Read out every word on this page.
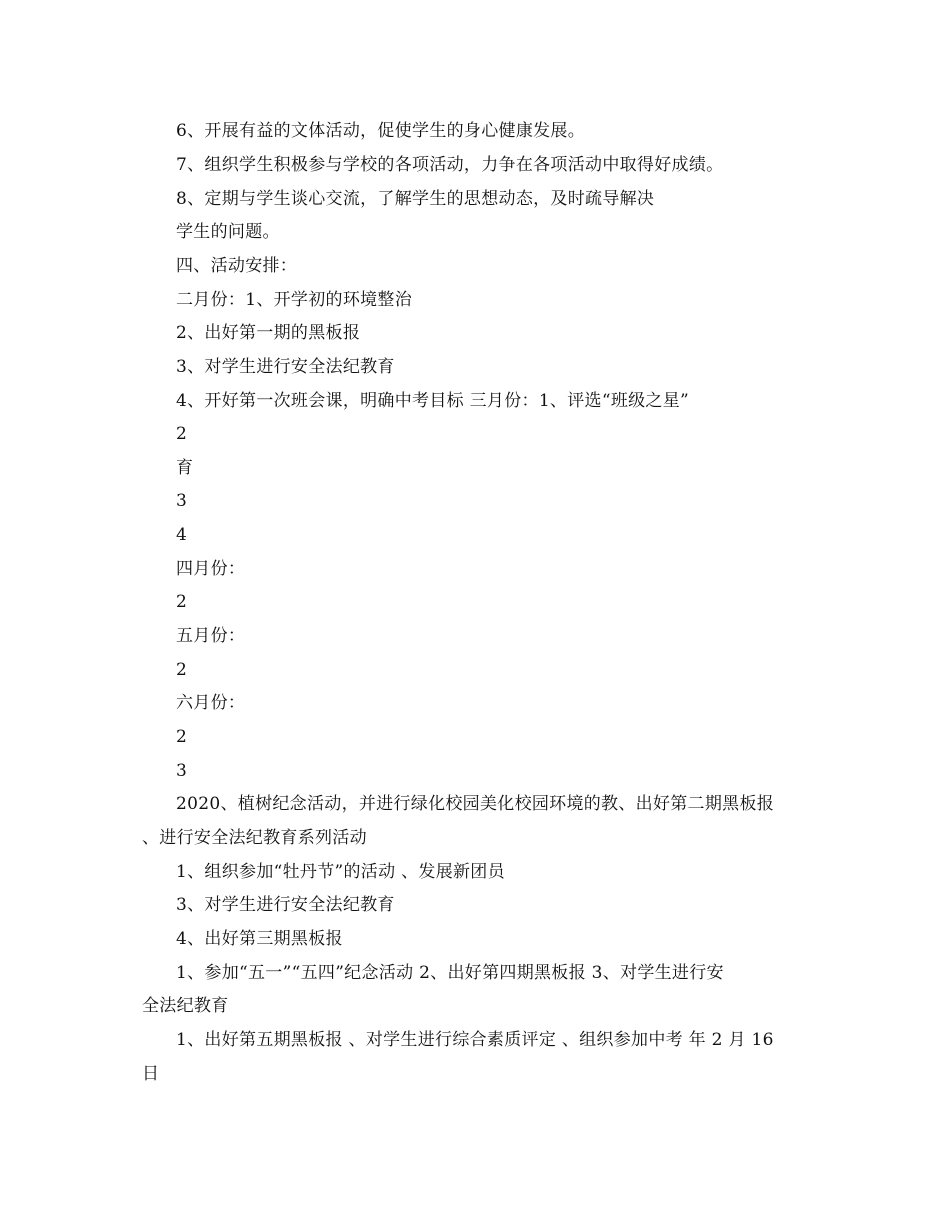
6、开展有益的文体活动，促使学生的身心健康发展。
7、组织学生积极参与学校的各项活动，力争在各项活动中取得好成绩。
8、定期与学生谈心交流，了解学生的思想动态，及时疏导解决
学生的问题。
四、活动安排：
二月份：1、开学初的环境整治
2、出好第一期的黑板报
3、对学生进行安全法纪教育
4、开好第一次班会课，明确中考目标 三月份：1、评选“班级之星”
2
育
3
4
四月份：
2
五月份：
2
六月份：
2
3
2020、植树纪念活动，并进行绿化校园美化校园环境的教、出好第二期黑板报
、进行安全法纪教育系列活动
1、组织参加“牡丹节”的活动 、发展新团员
3、对学生进行安全法纪教育
4、出好第三期黑板报
1、参加“五一”“五四”纪念活动 2、出好第四期黑板报 3、对学生进行安
全法纪教育
1、出好第五期黑板报 、对学生进行综合素质评定 、组织参加中考 年 2 月 16
日
